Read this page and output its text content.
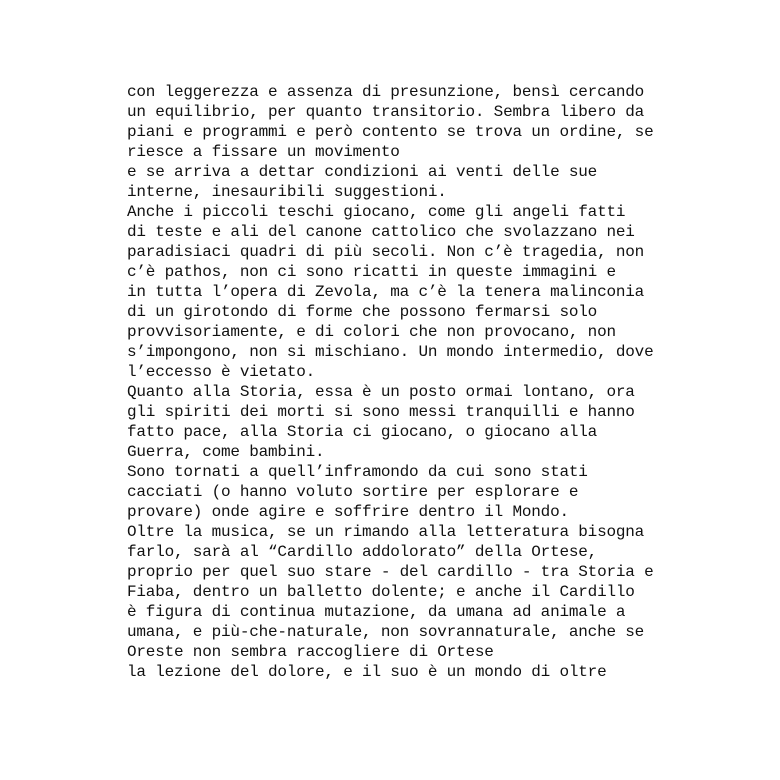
con leggerezza e assenza di presunzione, bensì cercando
un equilibrio, per quanto transitorio. Sembra libero da
piani e programmi e però contento se trova un ordine, se
riesce a fissare un movimento
e se arriva a dettar condizioni ai venti delle sue
interne, inesauribili suggestioni.
Anche i piccoli teschi giocano, come gli angeli fatti
di teste e ali del canone cattolico che svolazzano nei
paradisiaci quadri di più secoli. Non c’è tragedia, non
c’è pathos, non ci sono ricatti in queste immagini e
in tutta l’opera di Zevola, ma c’è la tenera malinconia
di un girotondo di forme che possono fermarsi solo
provvisoriamente, e di colori che non provocano, non
s’impongono, non si mischiano. Un mondo intermedio, dove
l’eccesso è vietato.
Quanto alla Storia, essa è un posto ormai lontano, ora
gli spiriti dei morti si sono messi tranquilli e hanno
fatto pace, alla Storia ci giocano, o giocano alla
Guerra, come bambini.
Sono tornati a quell’inframondo da cui sono stati
cacciati (o hanno voluto sortire per esplorare e
provare) onde agire e soffrire dentro il Mondo.
Oltre la musica, se un rimando alla letteratura bisogna
farlo, sarà al “Cardillo addolorato” della Ortese,
proprio per quel suo stare - del cardillo - tra Storia e
Fiaba, dentro un balletto dolente; e anche il Cardillo
è figura di continua mutazione, da umana ad animale a
umana, e più-che-naturale, non sovrannaturale, anche se
Oreste non sembra raccogliere di Ortese
la lezione del dolore, e il suo è un mondo di oltre
